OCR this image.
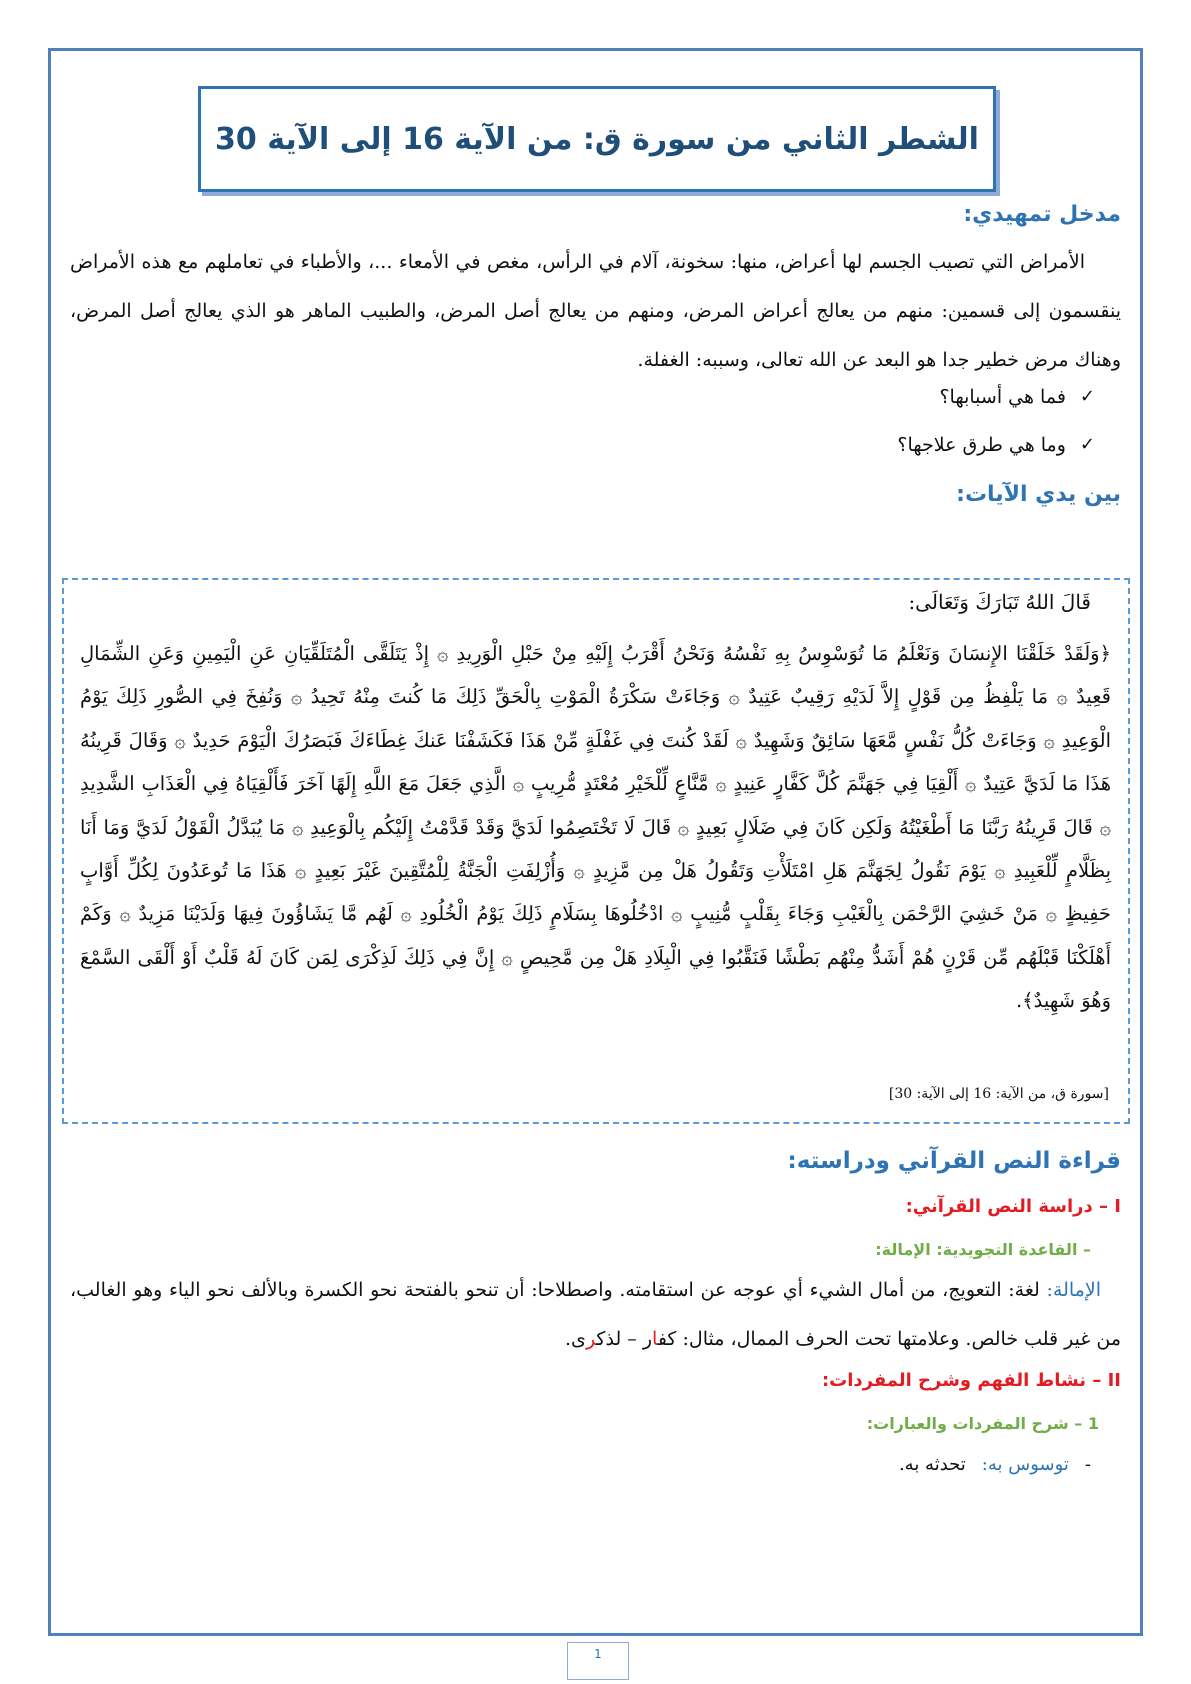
الشطر الثاني من سورة ق: من الآية 16 إلى الآية 30
مدخل تمهيدي:

الأمراض التي تصيب الجسم لها أعراض، منها: سخونة، آلام في الرأس، مغص في الأمعاء ...، والأطباء في تعاملهم مع هذه الأمراض ينقسمون إلى قسمين: منهم من يعالج أعراض المرض، ومنهم من يعالج أصل المرض، والطبيب الماهر هو الذي يعالج أصل المرض، وهناك مرض خطير جدا هو البعد عن الله تعالى، وسببه: الغفلة.

✓
فما هي أسبابها؟
✓
وما هي طرق علاجها؟
بين يدي الآيات:

قَالَ اللهُ تَبَارَكَ وَتَعَالَى:

﴿وَلَقَدْ خَلَقْنَا الإِنسَانَ وَنَعْلَمُ مَا تُوَسْوِسُ بِهِ نَفْسُهُ وَنَحْنُ أَقْرَبُ إِلَيْهِ مِنْ حَبْلِ الْوَرِيدِ ۞ إِذْ يَتَلَقَّى الْمُتَلَقِّيَانِ عَنِ الْيَمِينِ وَعَنِ الشِّمَالِ قَعِيدٌ ۞ مَا يَلْفِظُ مِن قَوْلٍ إِلاَّ لَدَيْهِ رَقِيبٌ عَتِيدٌ ۞ وَجَاءَتْ سَكْرَةُ الْمَوْتِ بِالْحَقِّ ذَلِكَ مَا كُنتَ مِنْهُ تَحِيدُ ۞ وَنُفِخَ فِي الصُّورِ ذَلِكَ يَوْمُ الْوَعِيدِ ۞ وَجَاءَتْ كُلُّ نَفْسٍ مَّعَهَا سَائِقٌ وَشَهِيدٌ ۞ لَقَدْ كُنتَ فِي غَفْلَةٍ مِّنْ هَذَا فَكَشَفْنَا عَنكَ غِطَاءَكَ فَبَصَرُكَ الْيَوْمَ حَدِيدٌ ۞ وَقَالَ قَرِينُهُ هَذَا مَا لَدَيَّ عَتِيدٌ ۞ أَلْقِيَا فِي جَهَنَّمَ كُلَّ كَفَّارٍ عَنِيدٍ ۞ مَّنَّاعٍ لِّلْخَيْرِ مُعْتَدٍ مُّرِيبٍ ۞ الَّذِي جَعَلَ مَعَ اللَّهِ إِلَهًا آخَرَ فَأَلْقِيَاهُ فِي الْعَذَابِ الشَّدِيدِ ۞ قَالَ قَرِينُهُ رَبَّنَا مَا أَطْغَيْتُهُ وَلَكِن كَانَ فِي ضَلَالٍ بَعِيدٍ ۞ قَالَ لَا تَخْتَصِمُوا لَدَيَّ وَقَدْ قَدَّمْتُ إِلَيْكُم بِالْوَعِيدِ ۞ مَا يُبَدَّلُ الْقَوْلُ لَدَيَّ وَمَا أَنَا بِظَلَّامٍ لِّلْعَبِيدِ ۞ يَوْمَ نَقُولُ لِجَهَنَّمَ هَلِ امْتَلَأْتِ وَتَقُولُ هَلْ مِن مَّزِيدٍ ۞ وَأُزْلِفَتِ الْجَنَّةُ لِلْمُتَّقِينَ غَيْرَ بَعِيدٍ ۞ هَذَا مَا تُوعَدُونَ لِكُلِّ أَوَّابٍ حَفِيظٍ ۞ مَنْ خَشِيَ الرَّحْمَن بِالْغَيْبِ وَجَاءَ بِقَلْبٍ مُّنِيبٍ ۞ ادْخُلُوهَا بِسَلَامٍ ذَلِكَ يَوْمُ الْخُلُودِ ۞ لَهُم مَّا يَشَاؤُونَ فِيهَا وَلَدَيْنَا مَزِيدٌ ۞ وَكَمْ أَهْلَكْنَا قَبْلَهُم مِّن قَرْنٍ هُمْ أَشَدُّ مِنْهُم بَطْشًا فَنَقَّبُوا فِي الْبِلَادِ هَلْ مِن مَّحِيصٍ ۞ إِنَّ فِي ذَلِكَ لَذِكْرَى لِمَن كَانَ لَهُ قَلْبٌ أَوْ أَلْقَى السَّمْعَ وَهُوَ شَهِيدٌ﴾.

[سورة ق، من الآية: 16 إلى الآية: 30]

قراءة النص القرآني ودراسته:

I – دراسة النص القرآني:

– القاعدة التجويدية: الإمالة:

الإمالة: لغة: التعويج، من أمال الشيء أي عوجه عن استقامته. واصطلاحا: أن تنحو بالفتحة نحو الكسرة وبالألف نحو الياء وهو الغالب، من غير قلب خالص. وعلامتها تحت الحرف الممال، مثال: كفار – لذكرى.

II – نشاط الفهم وشرح المفردات:

1 – شرح المفردات والعبارات:

-
توسوس به:
تحدثه به.

1
